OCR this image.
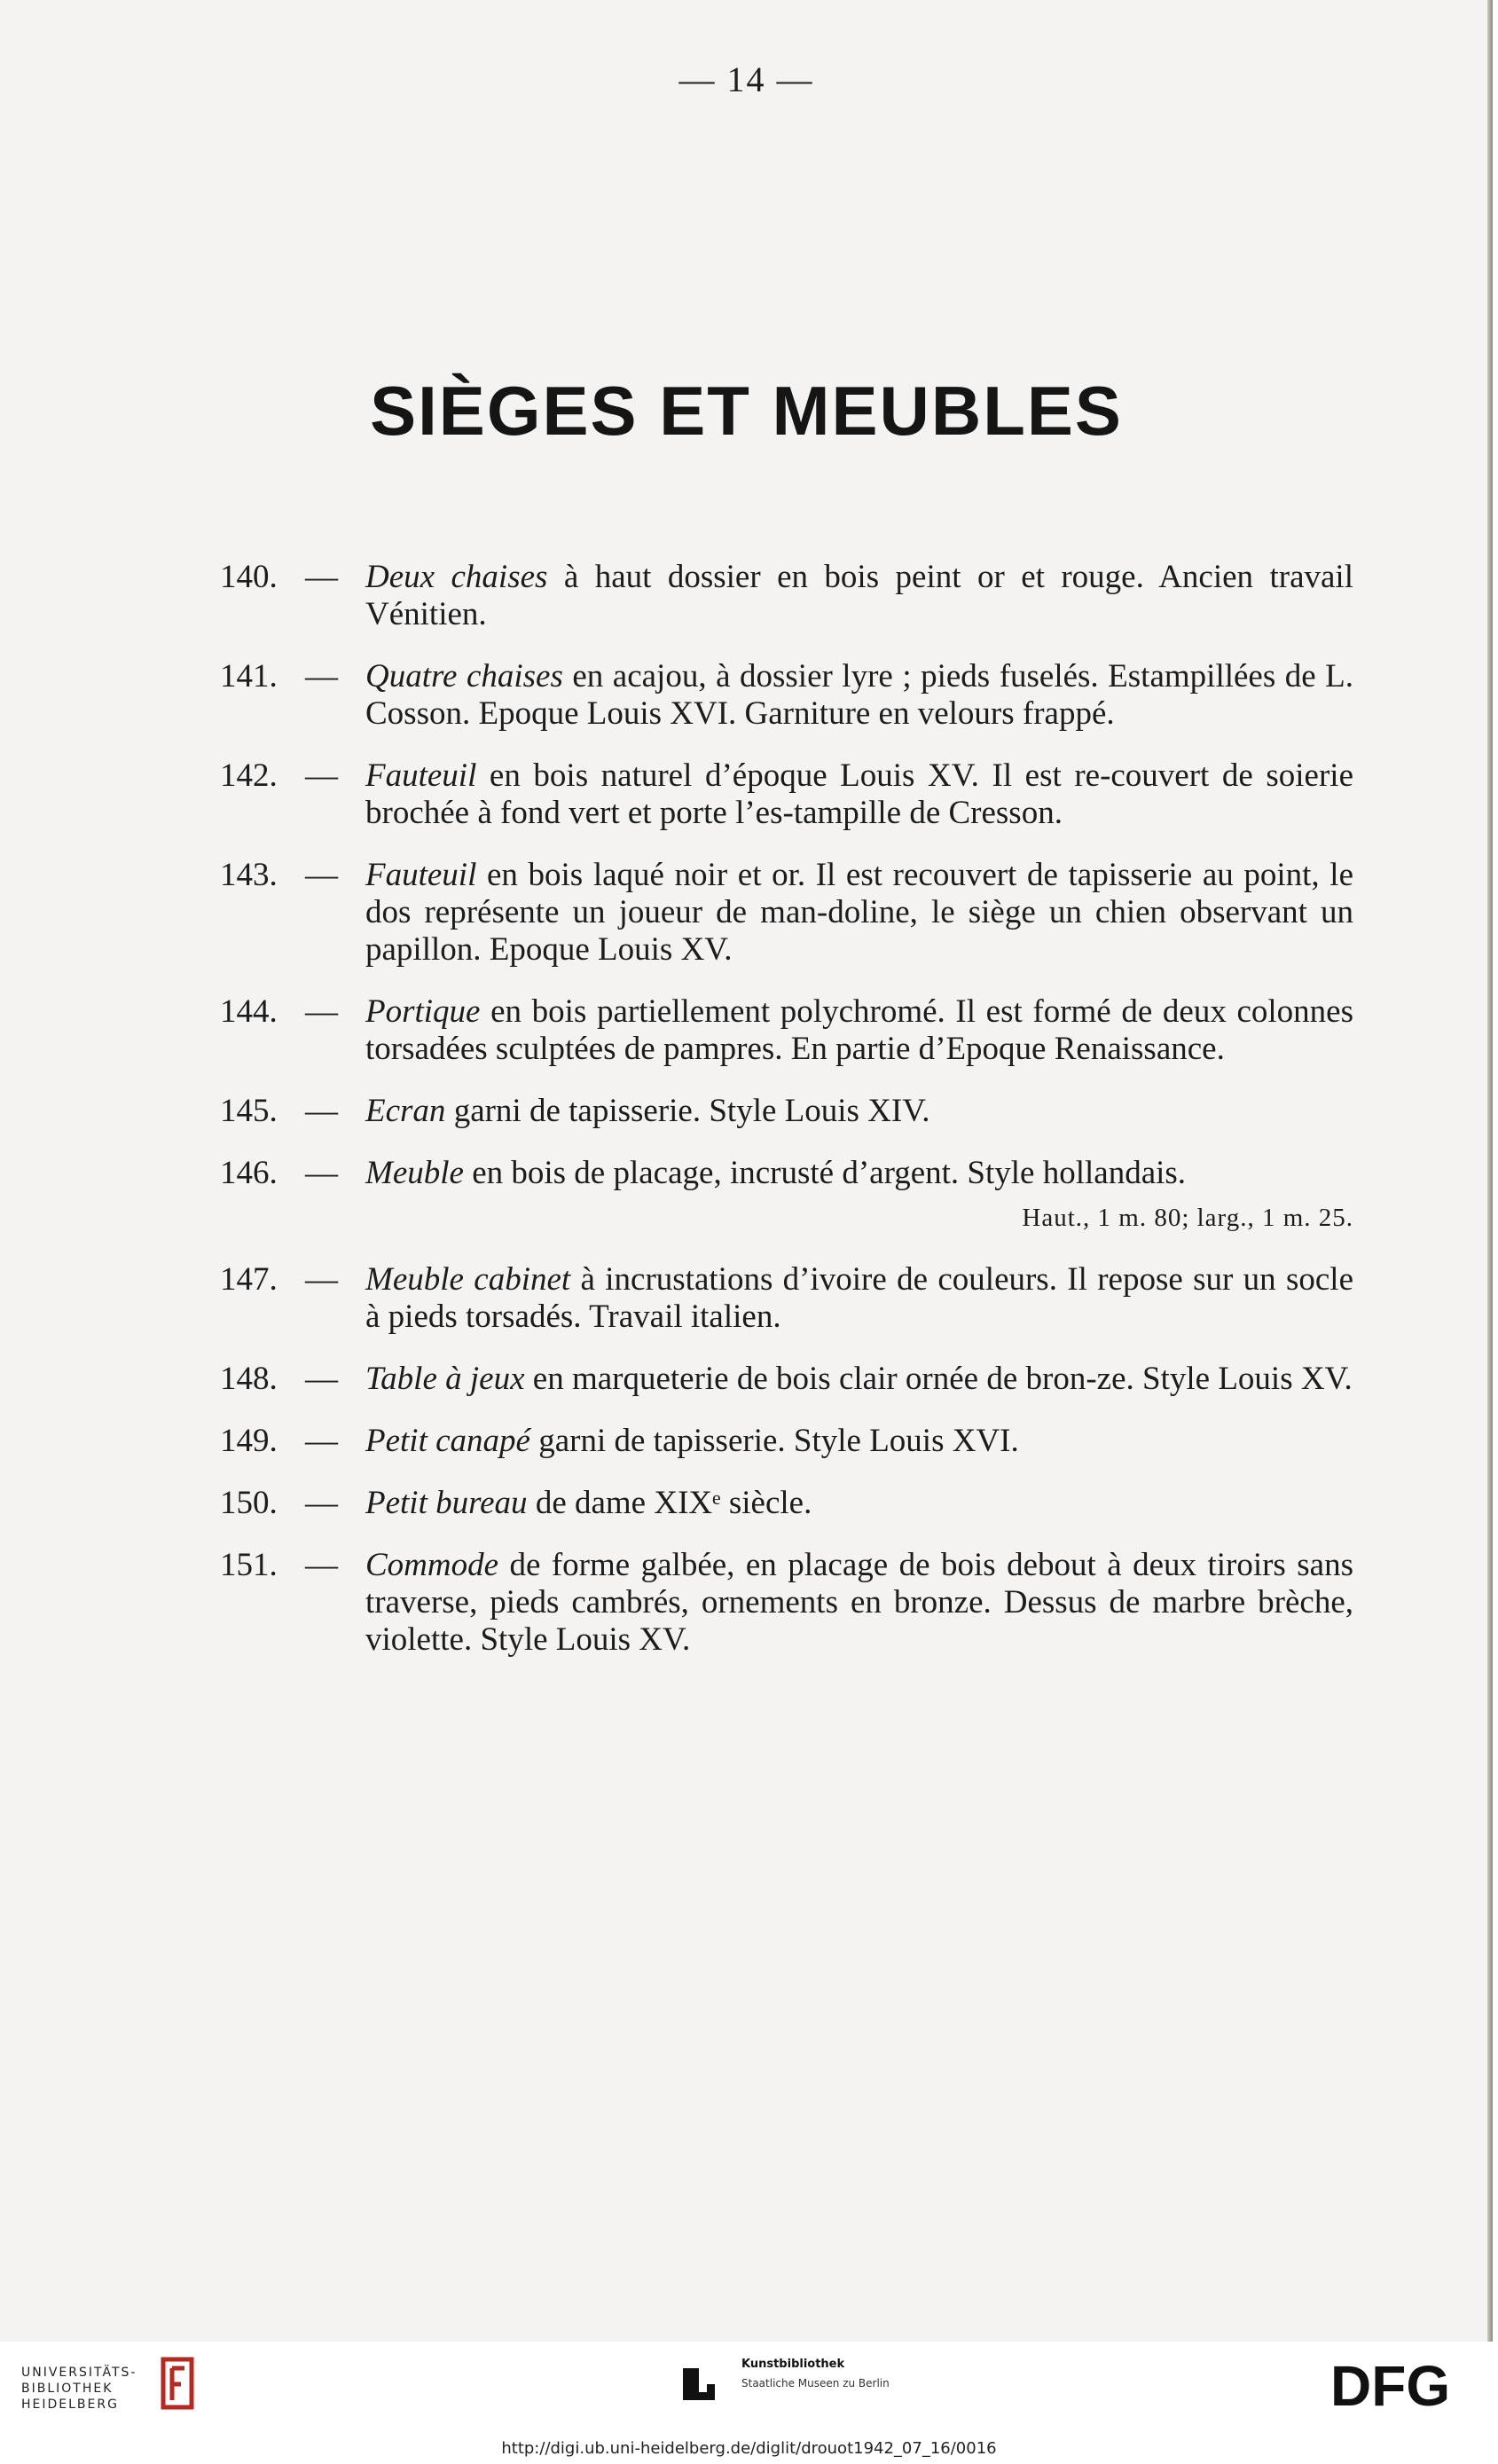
— 14 —
SIÈGES ET MEUBLES
140. — Deux chaises à haut dossier en bois peint or et rouge. Ancien travail Vénitien.
141. — Quatre chaises en acajou, à dossier lyre ; pieds fuselés. Estampillées de L. Cosson. Epoque Louis XVI. Garniture en velours frappé.
142. — Fauteuil en bois naturel d’époque Louis XV. Il est re-couvert de soierie brochée à fond vert et porte l’es-tampille de Cresson.
143. — Fauteuil en bois laqué noir et or. Il est recouvert de tapisserie au point, le dos représente un joueur de man-doline, le siège un chien observant un papillon. Epoque Louis XV.
144. — Portique en bois partiellement polychromé. Il est formé de deux colonnes torsadées sculptées de pampres. En partie d’Epoque Renaissance.
145. — Ecran garni de tapisserie. Style Louis XIV.
146. — Meuble en bois de placage, incrusté d’argent. Style hollandais.
Haut., 1 m. 80; larg., 1 m. 25.
147. — Meuble cabinet à incrustations d’ivoire de couleurs. Il repose sur un socle à pieds torsadés. Travail italien.
148. — Table à jeux en marqueterie de bois clair ornée de bron-ze. Style Louis XV.
149. — Petit canapé garni de tapisserie. Style Louis XVI.
150. — Petit bureau de dame XIXᵉ siècle.
151. — Commode de forme galbée, en placage de bois debout à deux tiroirs sans traverse, pieds cambrés, ornements en bronze. Dessus de marbre brèche, violette. Style Louis XV.
UNIVERSITÄTS-
BIBLIOTHEK
HEIDELBERG
Kunstbibliothek
Staatliche Museen zu Berlin	DFG
http://digi.ub.uni-heidelberg.de/diglit/drouot1942_07_16/0016
